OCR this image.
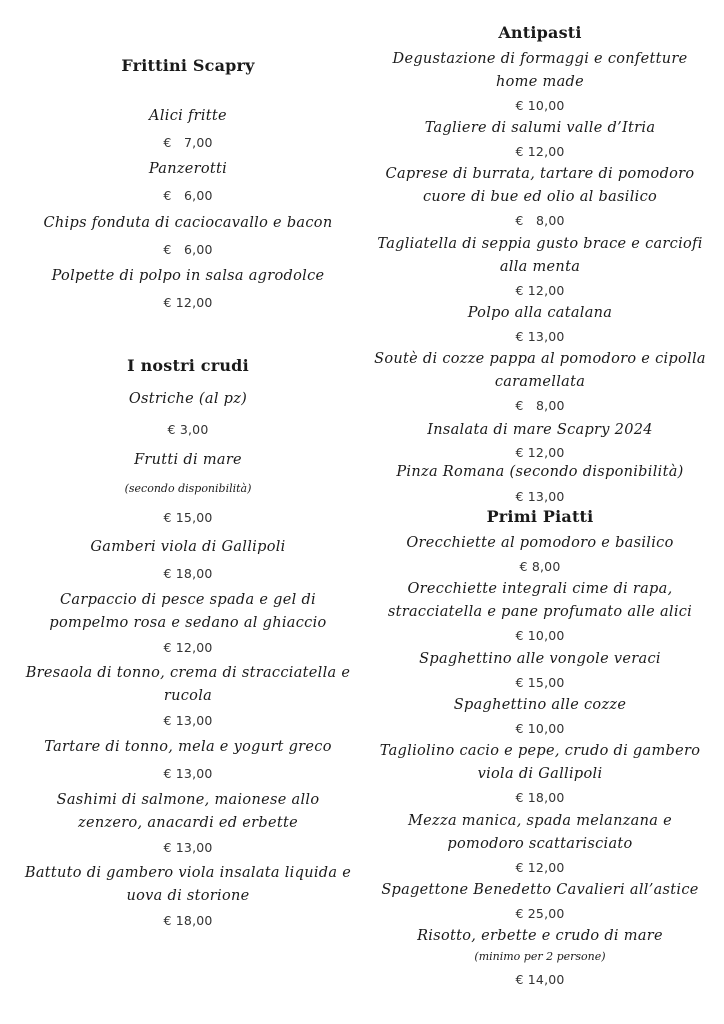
Frittini Scapry
Alici fritte
€   7,00
Panzerotti
€   6,00
Chips fonduta di caciocavallo e bacon
€   6,00
Polpette di polpo in salsa agrodolce
€ 12,00
I nostri crudi
Ostriche (al pz)
€ 3,00
Frutti di mare
(secondo disponibilità)
€ 15,00
Gamberi viola di Gallipoli
€ 18,00
Carpaccio di pesce spada e gel di pompelmo rosa e sedano al ghiaccio
€ 12,00
Bresaola di tonno, crema di stracciatella e rucola
€ 13,00
Tartare di tonno, mela e yogurt greco
€ 13,00
Sashimi di salmone, maionese allo zenzero, anacardi ed erbette
€ 13,00
Battuto di gambero viola insalata liquida e uova di storione
€ 18,00
Antipasti
Degustazione di formaggi e confetture home made
€ 10,00
Tagliere di salumi valle d’Itria
€ 12,00
Caprese di burrata, tartare di pomodoro cuore di bue ed olio al basilico
€   8,00
Tagliatella di seppia gusto brace e carciofi alla menta
€ 12,00
Polpo alla catalana
€ 13,00
Soutè di cozze pappa al pomodoro e cipolla caramellata
€   8,00
Insalata di mare Scapry 2024
€ 12,00
Pinza Romana (secondo disponibilità)
€ 13,00
Primi Piatti
Orecchiette al pomodoro e basilico
€ 8,00
Orecchiette integrali cime di rapa, stracciatella e pane profumato alle alici
€ 10,00
Spaghettino alle vongole veraci
€ 15,00
Spaghettino alle cozze
€ 10,00
Tagliolino cacio e pepe, crudo di gambero viola di Gallipoli
€ 18,00
Mezza manica, spada melanzana e pomodoro scattarisciato
€ 12,00
Spagettone Benedetto Cavalieri all’astice
€ 25,00
Risotto, erbette e crudo di mare
(minimo per 2 persone)
€ 14,00
